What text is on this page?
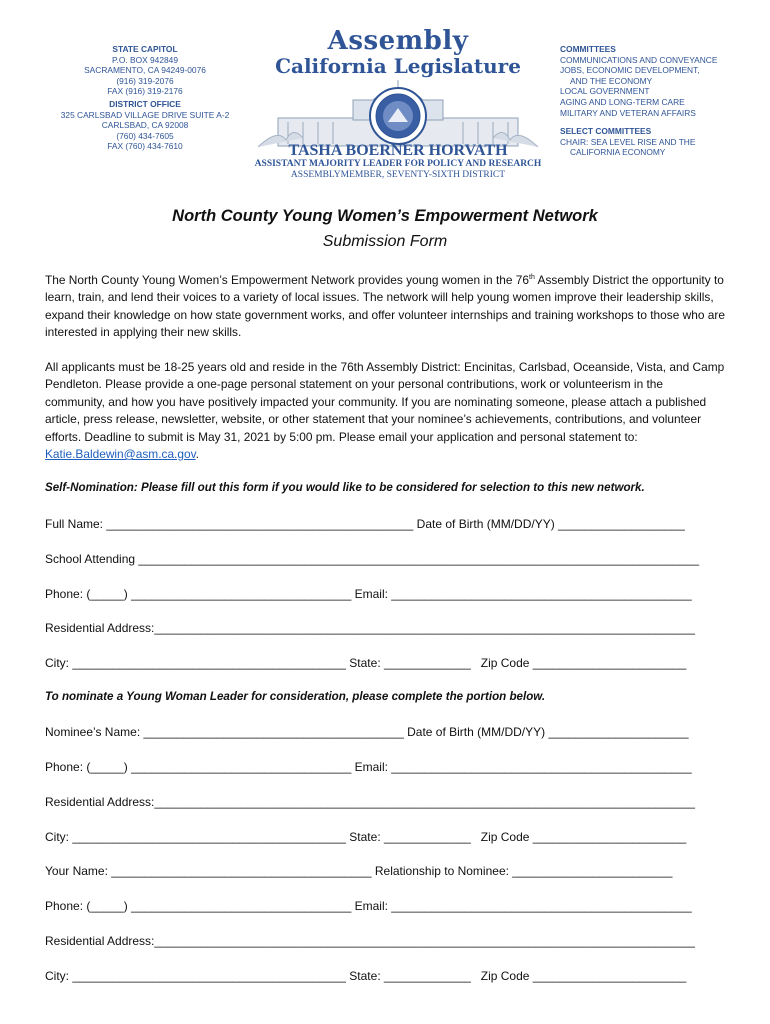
STATE CAPITOL
P.O. BOX 942849
SACRAMENTO, CA 94249-0076
(916) 319-2076
FAX (916) 319-2176
DISTRICT OFFICE
325 CARLSBAD VILLAGE DRIVE SUITE A-2
CARLSBAD, CA 92008
(760) 434-7605
FAX (760) 434-7610
Assembly
California Legislature
TASHA BOERNER HORVATH
ASSISTANT MAJORITY LEADER FOR POLICY AND RESEARCH
ASSEMBLYMEMBER, SEVENTY-SIXTH DISTRICT
COMMITTEES
COMMUNICATIONS AND CONVEYANCE
JOBS, ECONOMIC DEVELOPMENT,
AND THE ECONOMY
LOCAL GOVERNMENT
AGING AND LONG-TERM CARE
MILITARY AND VETERAN AFFAIRS
SELECT COMMITTEES
CHAIR: SEA LEVEL RISE AND THE
CALIFORNIA ECONOMY
North County Young Women’s Empowerment Network
Submission Form
The North County Young Women’s Empowerment Network provides young women in the 76th Assembly District the opportunity to learn, train, and lend their voices to a variety of local issues. The network will help young women improve their leadership skills, expand their knowledge on how state government works, and offer volunteer internships and training workshops to those who are interested in applying their new skills.
All applicants must be 18-25 years old and reside in the 76th Assembly District: Encinitas, Carlsbad, Oceanside, Vista, and Camp Pendleton. Please provide a one-page personal statement on your personal contributions, work or volunteerism in the community, and how you have positively impacted your community. If you are nominating someone, please attach a published article, press release, newsletter, website, or other statement that your nominee’s achievements, contributions, and volunteer efforts. Deadline to submit is May 31, 2021 by 5:00 pm. Please email your application and personal statement to: Katie.Baldewin@asm.ca.gov.
Self-Nomination: Please fill out this form if you would like to be considered for selection to this new network.
Full Name: ______________________________________________ Date of Birth (MM/DD/YY) ___________________
School Attending ____________________________________________________________________________________
Phone: (_____) _________________________________ Email: _____________________________________________
Residential Address:_________________________________________________________________________________
City: _________________________________________ State: _____________   Zip Code _______________________
To nominate a Young Woman Leader for consideration, please complete the portion below.
Nominee’s Name: _______________________________________ Date of Birth (MM/DD/YY) _____________________
Phone: (_____) _________________________________ Email: _____________________________________________
Residential Address:_________________________________________________________________________________
City: _________________________________________ State: _____________   Zip Code _______________________
Your Name: _______________________________________ Relationship to Nominee: ________________________
Phone: (_____) _________________________________ Email: _____________________________________________
Residential Address:_________________________________________________________________________________
City: _________________________________________ State: _____________   Zip Code _______________________
